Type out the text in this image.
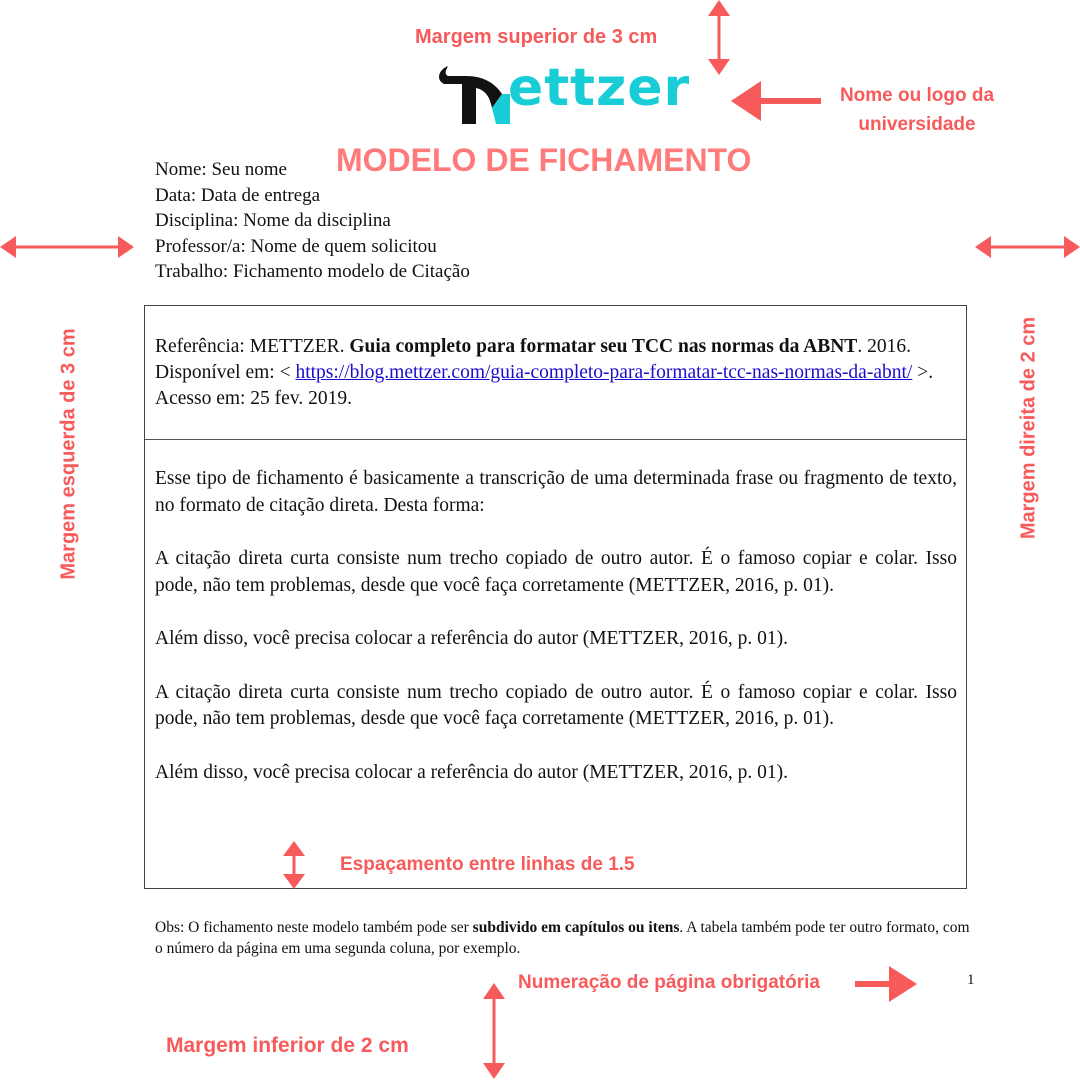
Margem superior de 3 cm
ettzer	Nome ou logo da
universidade
MODELO DE FICHAMENTO
Nome: Seu nome
Data: Data de entrega
Disciplina: Nome da disciplina
Professor/a: Nome de quem solicitou
Trabalho: Fichamento modelo de Citação
Margem esquerda de 3 cm	Margem direita de 2 cm
Referência: METTZER. Guia completo para formatar seu TCC nas normas da ABNT. 2016. Disponível em: < https://blog.mettzer.com/guia-completo-para-formatar-tcc-nas-normas-da-abnt/ >. Acesso em: 25 fev. 2019.

Esse tipo de fichamento é basicamente a transcrição de uma determinada frase ou fragmento de texto, no formato de citação direta. Desta forma:

A citação direta curta consiste num trecho copiado de outro autor. É o famoso copiar e colar. Isso pode, não tem problemas, desde que você faça corretamente (METTZER, 2016, p. 01).

Além disso, você precisa colocar a referência do autor (METTZER, 2016, p. 01).

A citação direta curta consiste num trecho copiado de outro autor. É o famoso copiar e colar. Isso pode, não tem problemas, desde que você faça corretamente (METTZER, 2016, p. 01).

Além disso, você precisa colocar a referência do autor (METTZER, 2016, p. 01).

Espaçamento entre linhas de 1.5
Obs: O fichamento neste modelo também pode ser subdivido em capítulos ou itens. A tabela também pode ter outro formato, com o número da página em uma segunda coluna, por exemplo.
Numeração de página obrigatória	1
Margem inferior de 2 cm
